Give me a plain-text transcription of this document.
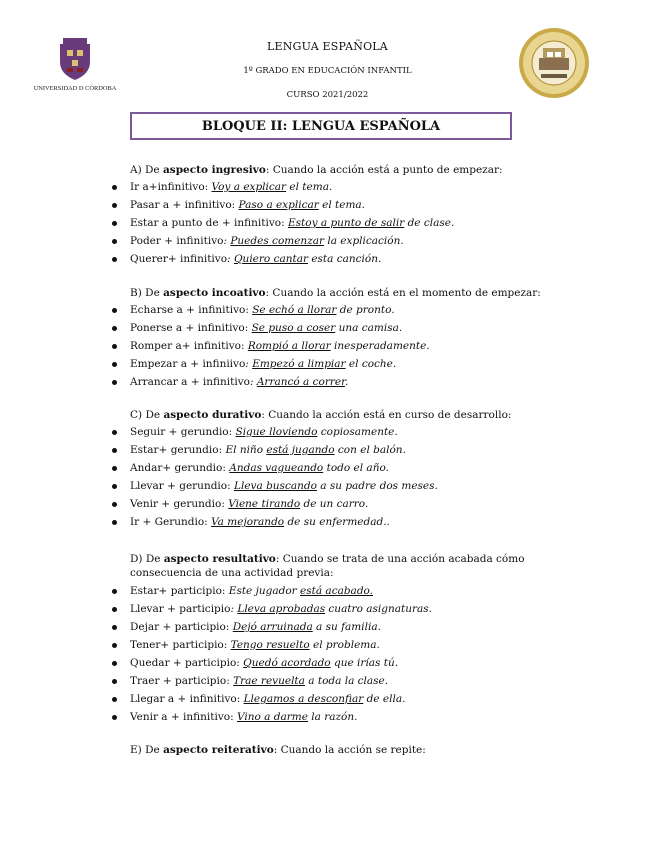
UNIVERSIDAD D CÓRDOBA
LENGUA ESPAÑOLA
1º GRADO EN EDUCACIÓN INFANTIL
CURSO 2021/2022
BLOQUE II: LENGUA ESPAÑOLA
A) De aspecto ingresivo: Cuando la acción está a punto de empezar:
Ir a+infinitivo: Voy a explicar el tema.
Pasar a + infinitivo: Paso a explicar el tema.
Estar a punto de + infinitivo: Estoy a punto de salir de clase.
Poder + infinitivo: Puedes comenzar la explicación.
Querer+ infinitivo: Quiero cantar esta canción.
B) De aspecto incoativo: Cuando la acción está en el momento de empezar:
Echarse a + infinitivo: Se echó a llorar de pronto.
Ponerse a + infinitivo: Se puso a coser una camisa.
Romper a+ infinitivo: Rompió a llorar inesperadamente.
Empezar a + infiniivo: Empezó a limpiar el coche.
Arrancar a + infinitivo: Arrancó a correr.
C) De aspecto durativo: Cuando la acción está en curso de desarrollo:
Seguir + gerundio: Sigue lloviendo copiosamente.
Estar+ gerundio: El niño está jugando con el balón.
Andar+ gerundio: Andas vagueando todo el año.
Llevar + gerundio: Lleva buscando a su padre dos meses.
Venir + gerundio: Viene tirando de un carro.
Ir + Gerundio: Va mejorando de su enfermedad..
D) De aspecto resultativo: Cuando se trata de una acción acabada cómo
consecuencia de una actividad previa:
Estar+ participio: Este jugador está acabado.
Llevar + participio: Lleva aprobadas cuatro asignaturas.
Dejar + participio: Dejó arruinada a su familia.
Tener+ participio: Tengo resuelto el problema.
Quedar + participio: Quedó acordado que irías tú.
Traer + participio: Trae revuelta a toda la clase.
Llegar a + infinitivo: Llegamos a desconfiar de ella.
Venir a + infinitivo: Vino a darme la razón.
E) De aspecto reiterativo: Cuando la acción se repite:
